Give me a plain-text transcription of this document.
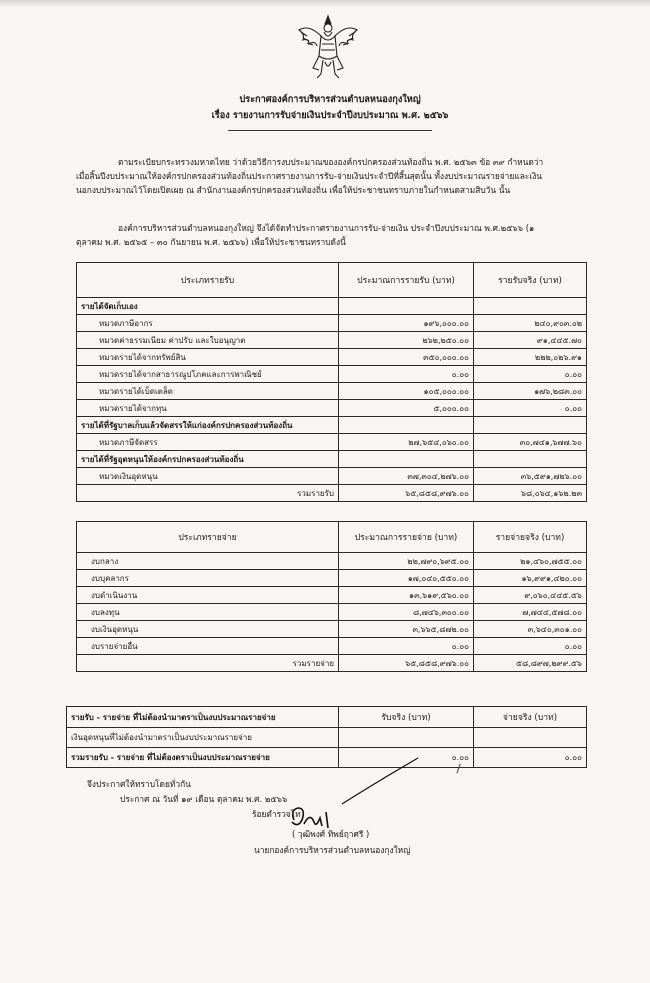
ประกาศองค์การบริหารส่วนตำบลหนองกุงใหญ่
เรื่อง รายงานการรับจ่ายเงินประจำปีงบประมาณ พ.ศ. ๒๕๖๖
ตามระเบียบกระทรวงมหาดไทย ว่าด้วยวิธีการงบประมาณขององค์กรปกครองส่วนท้องถิ่น พ.ศ. ๒๕๖๓ ข้อ ๓๙ กำหนดว่า
เมื่อสิ้นปีงบประมาณให้องค์กรปกครองส่วนท้องถิ่นประกาศรายงานการรับ-จ่ายเงินประจำปีที่สิ้นสุดนั้น ทั้งงบประมาณรายจ่ายและเงิน
นอกงบประมาณไว้โดยเปิดเผย ณ สำนักงานองค์กรปกครองส่วนท้องถิ่น เพื่อให้ประชาชนทราบภายในกำหนดสามสิบวัน นั้น
องค์การบริหารส่วนตำบลหนองกุงใหญ่ จึงได้จัดทำประกาศรายงานการรับ-จ่ายเงิน ประจำปีงบประมาณ พ.ศ.๒๕๖๖ (๑
ตุลาคม พ.ศ. ๒๕๖๕ – ๓๐ กันยายน พ.ศ. ๒๕๖๖) เพื่อให้ประชาชนทราบดังนี้
ประเภทรายรับ	ประมาณการรายรับ (บาท)	รายรับจริง (บาท)
รายได้จัดเก็บเอง		
หมวดภาษีอากร	๑๙๖,๐๐๐.๐๐	๒๔๐,๙๐๓.๐๒
หมวดค่าธรรมเนียม ค่าปรับ และใบอนุญาต	๒๖๒,๒๕๐.๐๐	๙๑,๔๔๕.๗๐
หมวดรายได้จากทรัพย์สิน	๓๕๐,๐๐๐.๐๐	๒๒๒,๐๒๖.๙๑
หมวดรายได้จากสาธารณูปโภคและการพาณิชย์	๐.๐๐	๐.๐๐
หมวดรายได้เบ็ดเตล็ด	๑๐๕,๐๐๐.๐๐	๑๗๖,๒๘๓.๐๐
หมวดรายได้จากทุน	๕,๐๐๐.๐๐	๐.๐๐
รายได้ที่รัฐบาลเก็บแล้วจัดสรรให้แก่องค์กรปกครองส่วนท้องถิ่น		
หมวดภาษีจัดสรร	๒๗,๖๕๔,๐๖๐.๐๐	๓๐,๗๔๑,๖๗๗.๖๐
รายได้ที่รัฐอุดหนุนให้องค์กรปกครองส่วนท้องถิ่น		
หมวดเงินอุดหนุน	๓๗,๓๐๔,๒๗๖.๐๐	๓๖,๕๙๑,๗๒๖.๐๐
รวมรายรับ	๖๕,๘๕๘,๙๗๖.๐๐	๖๘,๐๖๔,๑๖๒.๒๓
ประเภทรายจ่าย	ประมาณการรายจ่าย (บาท)	รายจ่ายจริง (บาท)
งบกลาง	๒๒,๗๙๐,๖๙๕.๐๐	๒๑,๔๖๐,๗๕๕.๐๐
งบบุคลากร	๑๗,๐๔๐,๕๕๐.๐๐	๑๖,๙๙๑,๔๒๐.๐๐
งบดำเนินงาน	๑๓,๖๑๙,๕๖๐.๐๐	๙,๐๖๐,๔๔๕.๕๖
งบลงทุน	๘,๗๔๖,๓๐๐.๐๐	๗,๗๔๔,๕๗๘.๐๐
งบเงินอุดหนุน	๓,๖๖๕,๘๗๒.๐๐	๓,๖๔๐,๓๐๑.๐๐
งบรายจ่ายอื่น	๐.๐๐	๐.๐๐
รวมรายจ่าย	๖๕,๘๕๘,๙๗๖.๐๐	๕๘,๘๙๗,๒๙๙.๕๖
รายรับ - รายจ่าย ที่ไม่ต้องนำมาตราเป็นงบประมาณรายจ่าย	รับจริง (บาท)	จ่ายจริง (บาท)
เงินอุดหนุนที่ไม่ต้องนำมาตราเป็นงบประมาณรายจ่าย		
รวมรายรับ - รายจ่าย ที่ไม่ต้องตราเป็นงบประมาณรายจ่าย	๐.๐๐	๐.๐๐
จึงประกาศให้ทราบโดยทั่วกัน
ประกาศ ณ วันที่ ๑๙ เดือน ตุลาคม พ.ศ. ๒๕๖๖
ร้อยตำรวจโท
( วุฒิพงศ์ ทิพย์ฤาศรี )
นายกองค์การบริหารส่วนตำบลหนองกุงใหญ่
